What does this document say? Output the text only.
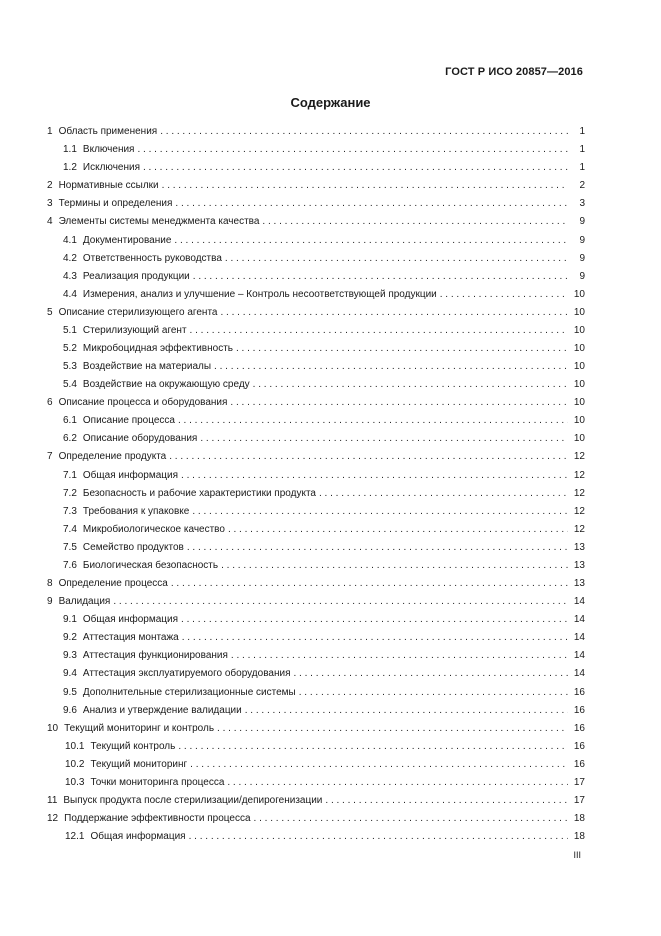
ГОСТ Р ИСО 20857—2016
Содержание
1 Область применения . . .	1
1.1 Включения . . .	1
1.2 Исключения . . .	1
2 Нормативные ссылки . . .	2
3 Термины и определения . . .	3
4 Элементы системы менеджмента качества . . .	9
4.1 Документирование . . .	9
4.2 Ответственность руководства . . .	9
4.3 Реализация продукции . . .	9
4.4 Измерения, анализ и улучшение – Контроль несоответствующей продукции . . .	10
5 Описание стерилизующего агента . . .	10
5.1 Стерилизующий агент . . .	10
5.2 Микробоцидная эффективность . . .	10
5.3 Воздействие на материалы . . .	10
5.4 Воздействие на окружающую среду . . .	10
6 Описание процесса и оборудования . . .	10
6.1 Описание процесса . . .	10
6.2 Описание оборудования . . .	10
7 Определение продукта . . .	12
7.1 Общая информация . . .	12
7.2 Безопасность и рабочие характеристики продукта . . .	12
7.3 Требования к упаковке . . .	12
7.4 Микробиологическое качество . . .	12
7.5 Семейство продуктов . . .	13
7.6 Биологическая безопасность . . .	13
8 Определение процесса . . .	13
9 Валидация . . .	14
9.1 Общая информация . . .	14
9.2 Аттестация монтажа . . .	14
9.3 Аттестация функционирования . . .	14
9.4 Аттестация эксплуатируемого оборудования . . .	14
9.5 Дополнительные стерилизационные системы . . .	16
9.6 Анализ и утверждение валидации . . .	16
10 Текущий мониторинг и контроль . . .	16
10.1 Текущий контроль . . .	16
10.2 Текущий мониторинг . . .	16
10.3 Точки мониторинга процесса . . .	17
11 Выпуск продукта после стерилизации/депирогенизации . . .	17
12 Поддержание эффективности процесса . . .	18
12.1 Общая информация . . .	18
III
